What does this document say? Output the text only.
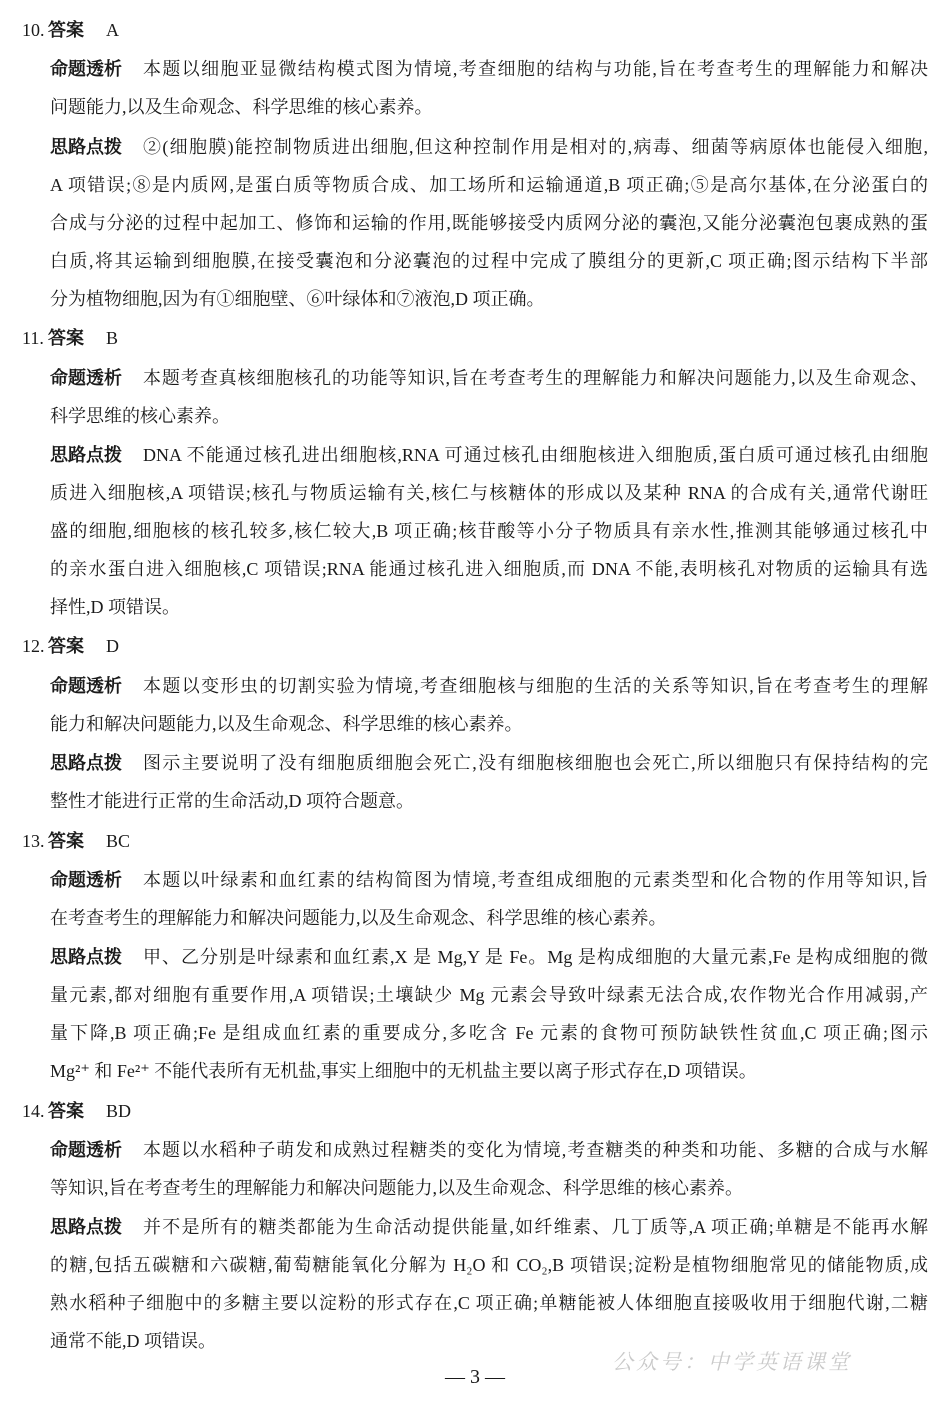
10. 答案	A
命题透析	本题以细胞亚显微结构模式图为情境,考查细胞的结构与功能,旨在考查考生的理解能力和解决
问题能力,以及生命观念、科学思维的核心素养。
思路点拨	②(细胞膜)能控制物质进出细胞,但这种控制作用是相对的,病毒、细菌等病原体也能侵入细胞,
A 项错误;⑧是内质网,是蛋白质等物质合成、加工场所和运输通道,B 项正确;⑤是高尔基体,在分泌蛋白的
合成与分泌的过程中起加工、修饰和运输的作用,既能够接受内质网分泌的囊泡,又能分泌囊泡包裹成熟的蛋
白质,将其运输到细胞膜,在接受囊泡和分泌囊泡的过程中完成了膜组分的更新,C 项正确;图示结构下半部
分为植物细胞,因为有①细胞壁、⑥叶绿体和⑦液泡,D 项正确。
11. 答案	B
命题透析	本题考查真核细胞核孔的功能等知识,旨在考查考生的理解能力和解决问题能力,以及生命观念、
科学思维的核心素养。
思路点拨	DNA 不能通过核孔进出细胞核,RNA 可通过核孔由细胞核进入细胞质,蛋白质可通过核孔由细胞
质进入细胞核,A 项错误;核孔与物质运输有关,核仁与核糖体的形成以及某种 RNA 的合成有关,通常代谢旺
盛的细胞,细胞核的核孔较多,核仁较大,B 项正确;核苷酸等小分子物质具有亲水性,推测其能够通过核孔中
的亲水蛋白进入细胞核,C 项错误;RNA 能通过核孔进入细胞质,而 DNA 不能,表明核孔对物质的运输具有选
择性,D 项错误。
12. 答案	D
命题透析	本题以变形虫的切割实验为情境,考查细胞核与细胞的生活的关系等知识,旨在考查考生的理解
能力和解决问题能力,以及生命观念、科学思维的核心素养。
思路点拨	图示主要说明了没有细胞质细胞会死亡,没有细胞核细胞也会死亡,所以细胞只有保持结构的完
整性才能进行正常的生命活动,D 项符合题意。
13. 答案	BC
命题透析	本题以叶绿素和血红素的结构简图为情境,考查组成细胞的元素类型和化合物的作用等知识,旨
在考查考生的理解能力和解决问题能力,以及生命观念、科学思维的核心素养。
思路点拨	甲、乙分别是叶绿素和血红素,X 是 Mg,Y 是 Fe。Mg 是构成细胞的大量元素,Fe 是构成细胞的微
量元素,都对细胞有重要作用,A 项错误;土壤缺少 Mg 元素会导致叶绿素无法合成,农作物光合作用减弱,产
量下降,B 项正确;Fe 是组成血红素的重要成分,多吃含 Fe 元素的食物可预防缺铁性贫血,C 项正确;图示
Mg²⁺ 和 Fe²⁺ 不能代表所有无机盐,事实上细胞中的无机盐主要以离子形式存在,D 项错误。
14. 答案	BD
命题透析	本题以水稻种子萌发和成熟过程糖类的变化为情境,考查糖类的种类和功能、多糖的合成与水解
等知识,旨在考查考生的理解能力和解决问题能力,以及生命观念、科学思维的核心素养。
思路点拨	并不是所有的糖类都能为生命活动提供能量,如纤维素、几丁质等,A 项正确;单糖是不能再水解
的糖,包括五碳糖和六碳糖,葡萄糖能氧化分解为 H₂O 和 CO₂,B 项错误;淀粉是植物细胞常见的储能物质,成
熟水稻种子细胞中的多糖主要以淀粉的形式存在,C 项正确;单糖能被人体细胞直接吸收用于细胞代谢,二糖
通常不能,D 项错误。
— 3 —
公众号：中学英语课堂
